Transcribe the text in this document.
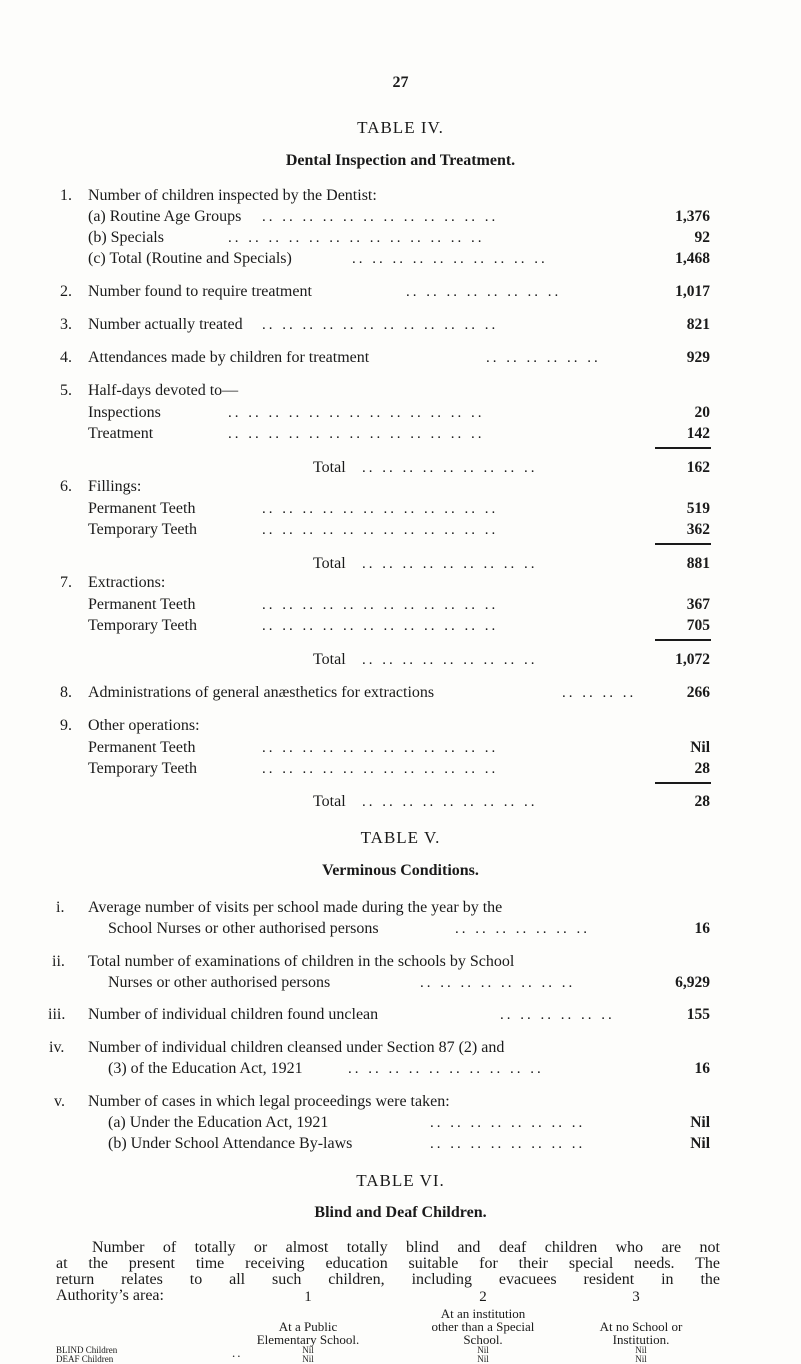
27
TABLE IV.
Dental Inspection and Treatment.
1. Number of children inspected by the Dentist:
(a) Routine Age Groups .. .. .. .. .. .. .. .. .. .. .. ..	1,376
(b) Specials	.. .. .. .. .. .. .. .. .. .. .. .. ..	92
(c) Total (Routine and Specials)	.. .. .. .. .. .. .. .. .. ..	1,468
2. Number found to require treatment	.. .. .. .. .. .. .. ..	1,017
3. Number actually treated .. .. .. .. .. .. .. .. .. .. .. ..	821
4. Attendances made by children for treatment	.. .. .. .. .. ..	929
5. Half-days devoted to—
Inspections	.. .. .. .. .. .. .. .. .. .. .. .. ..	20
Treatment	.. .. .. .. .. .. .. .. .. .. .. .. ..	142
Total .. .. .. .. .. .. .. .. ..	162
6. Fillings:
Permanent Teeth	.. .. .. .. .. .. .. .. .. .. .. ..	519
Temporary Teeth	.. .. .. .. .. .. .. .. .. .. .. ..	362
Total .. .. .. .. .. .. .. .. ..	881
7. Extractions:
Permanent Teeth	.. .. .. .. .. .. .. .. .. .. .. ..	367
Temporary Teeth	.. .. .. .. .. .. .. .. .. .. .. ..	705
Total .. .. .. .. .. .. .. .. ..	1,072
8. Administrations of general anæsthetics for extractions	.. .. .. ..	266
9. Other operations:
Permanent Teeth	.. .. .. .. .. .. .. .. .. .. .. ..	Nil
Temporary Teeth	.. .. .. .. .. .. .. .. .. .. .. ..	28
Total .. .. .. .. .. .. .. .. ..	28
TABLE V.
Verminous Conditions.
i. Average number of visits per school made during the year by the
School Nurses or other authorised persons	.. .. .. .. .. .. ..	16
ii. Total number of examinations of children in the schools by School
Nurses or other authorised persons	.. .. .. .. .. .. .. ..	6,929
iii. Number of individual children found unclean	.. .. .. .. .. ..	155
iv. Number of individual children cleansed under Section 87 (2) and
(3) of the Education Act, 1921	.. .. .. .. .. .. .. .. .. ..	16
v. Number of cases in which legal proceedings were taken:
(a) Under the Education Act, 1921	.. .. .. .. .. .. .. ..	Nil
(b) Under School Attendance By-laws	.. .. .. .. .. .. .. ..	Nil
TABLE VI.
Blind and Deaf Children.
Number of totally or almost totally blind and deaf children who are not
at the present time receiving education suitable for their special needs. The
return relates to all such children, including evacuees resident in the
Authority’s area:	1	2	3
At an institution
At a Public	other than a Special	At no School or
Elementary School.	School.	Institution.
..
BLIND Children	Nil	Nil	Nil
DEAF Children	Nil	Nil	Nil
